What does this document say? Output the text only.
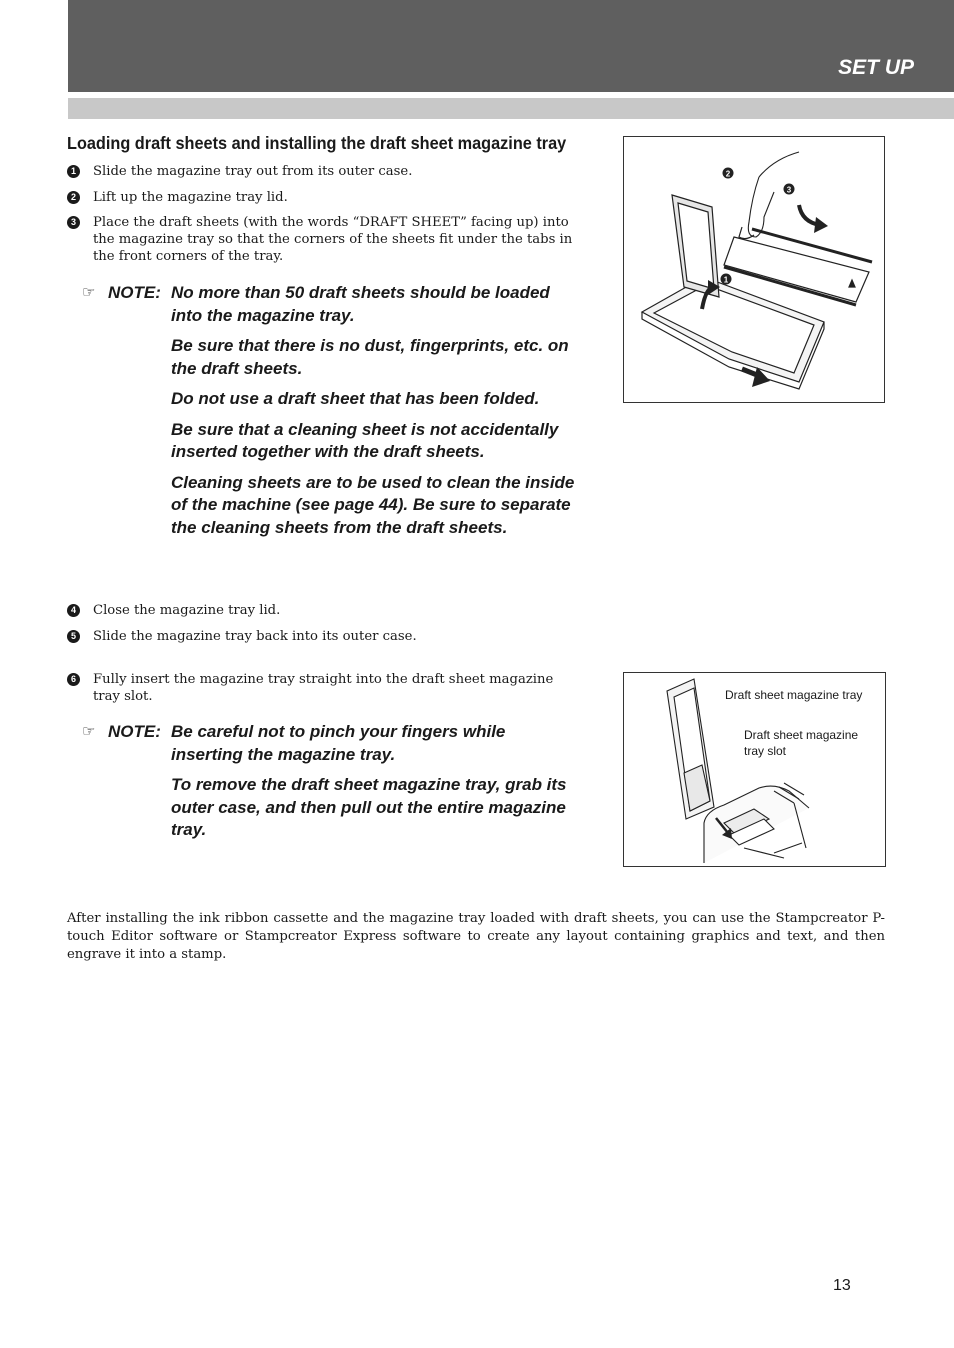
SET UP
Loading draft sheets and installing the draft sheet magazine tray
1	Slide the magazine tray out from its outer case.
2	Lift up the magazine tray lid.
3	Place the draft sheets (with the words “DRAFT SHEET” facing up) into the magazine tray so that the corners of the sheets fit under the tabs in the front corners of the tray.
☞ NOTE: No more than 50 draft sheets should be loaded into the magazine tray.
Be sure that there is no dust, fingerprints, etc. on the draft sheets.
Do not use a draft sheet that has been folded.
Be sure that a cleaning sheet is not accidentally inserted together with the draft sheets.
Cleaning sheets are to be used to clean the inside of the machine (see page 44). Be sure to separate the cleaning sheets from the draft sheets.
4	Close the magazine tray lid.
5	Slide the magazine tray back into its outer case.
6	Fully insert the magazine tray straight into the draft sheet magazine tray slot.
☞ NOTE: Be careful not to pinch your fingers while inserting the magazine tray.
To remove the draft sheet magazine tray, grab its outer case, and then pull out the entire magazine tray.
2
3
1
Draft sheet magazine tray
Draft sheet magazine tray slot
After installing the ink ribbon cassette and the magazine tray loaded with draft sheets, you can use the Stampcreator P-touch Editor software or Stampcreator Express software to create any layout containing graphics and text, and then engrave it into a stamp.
13
